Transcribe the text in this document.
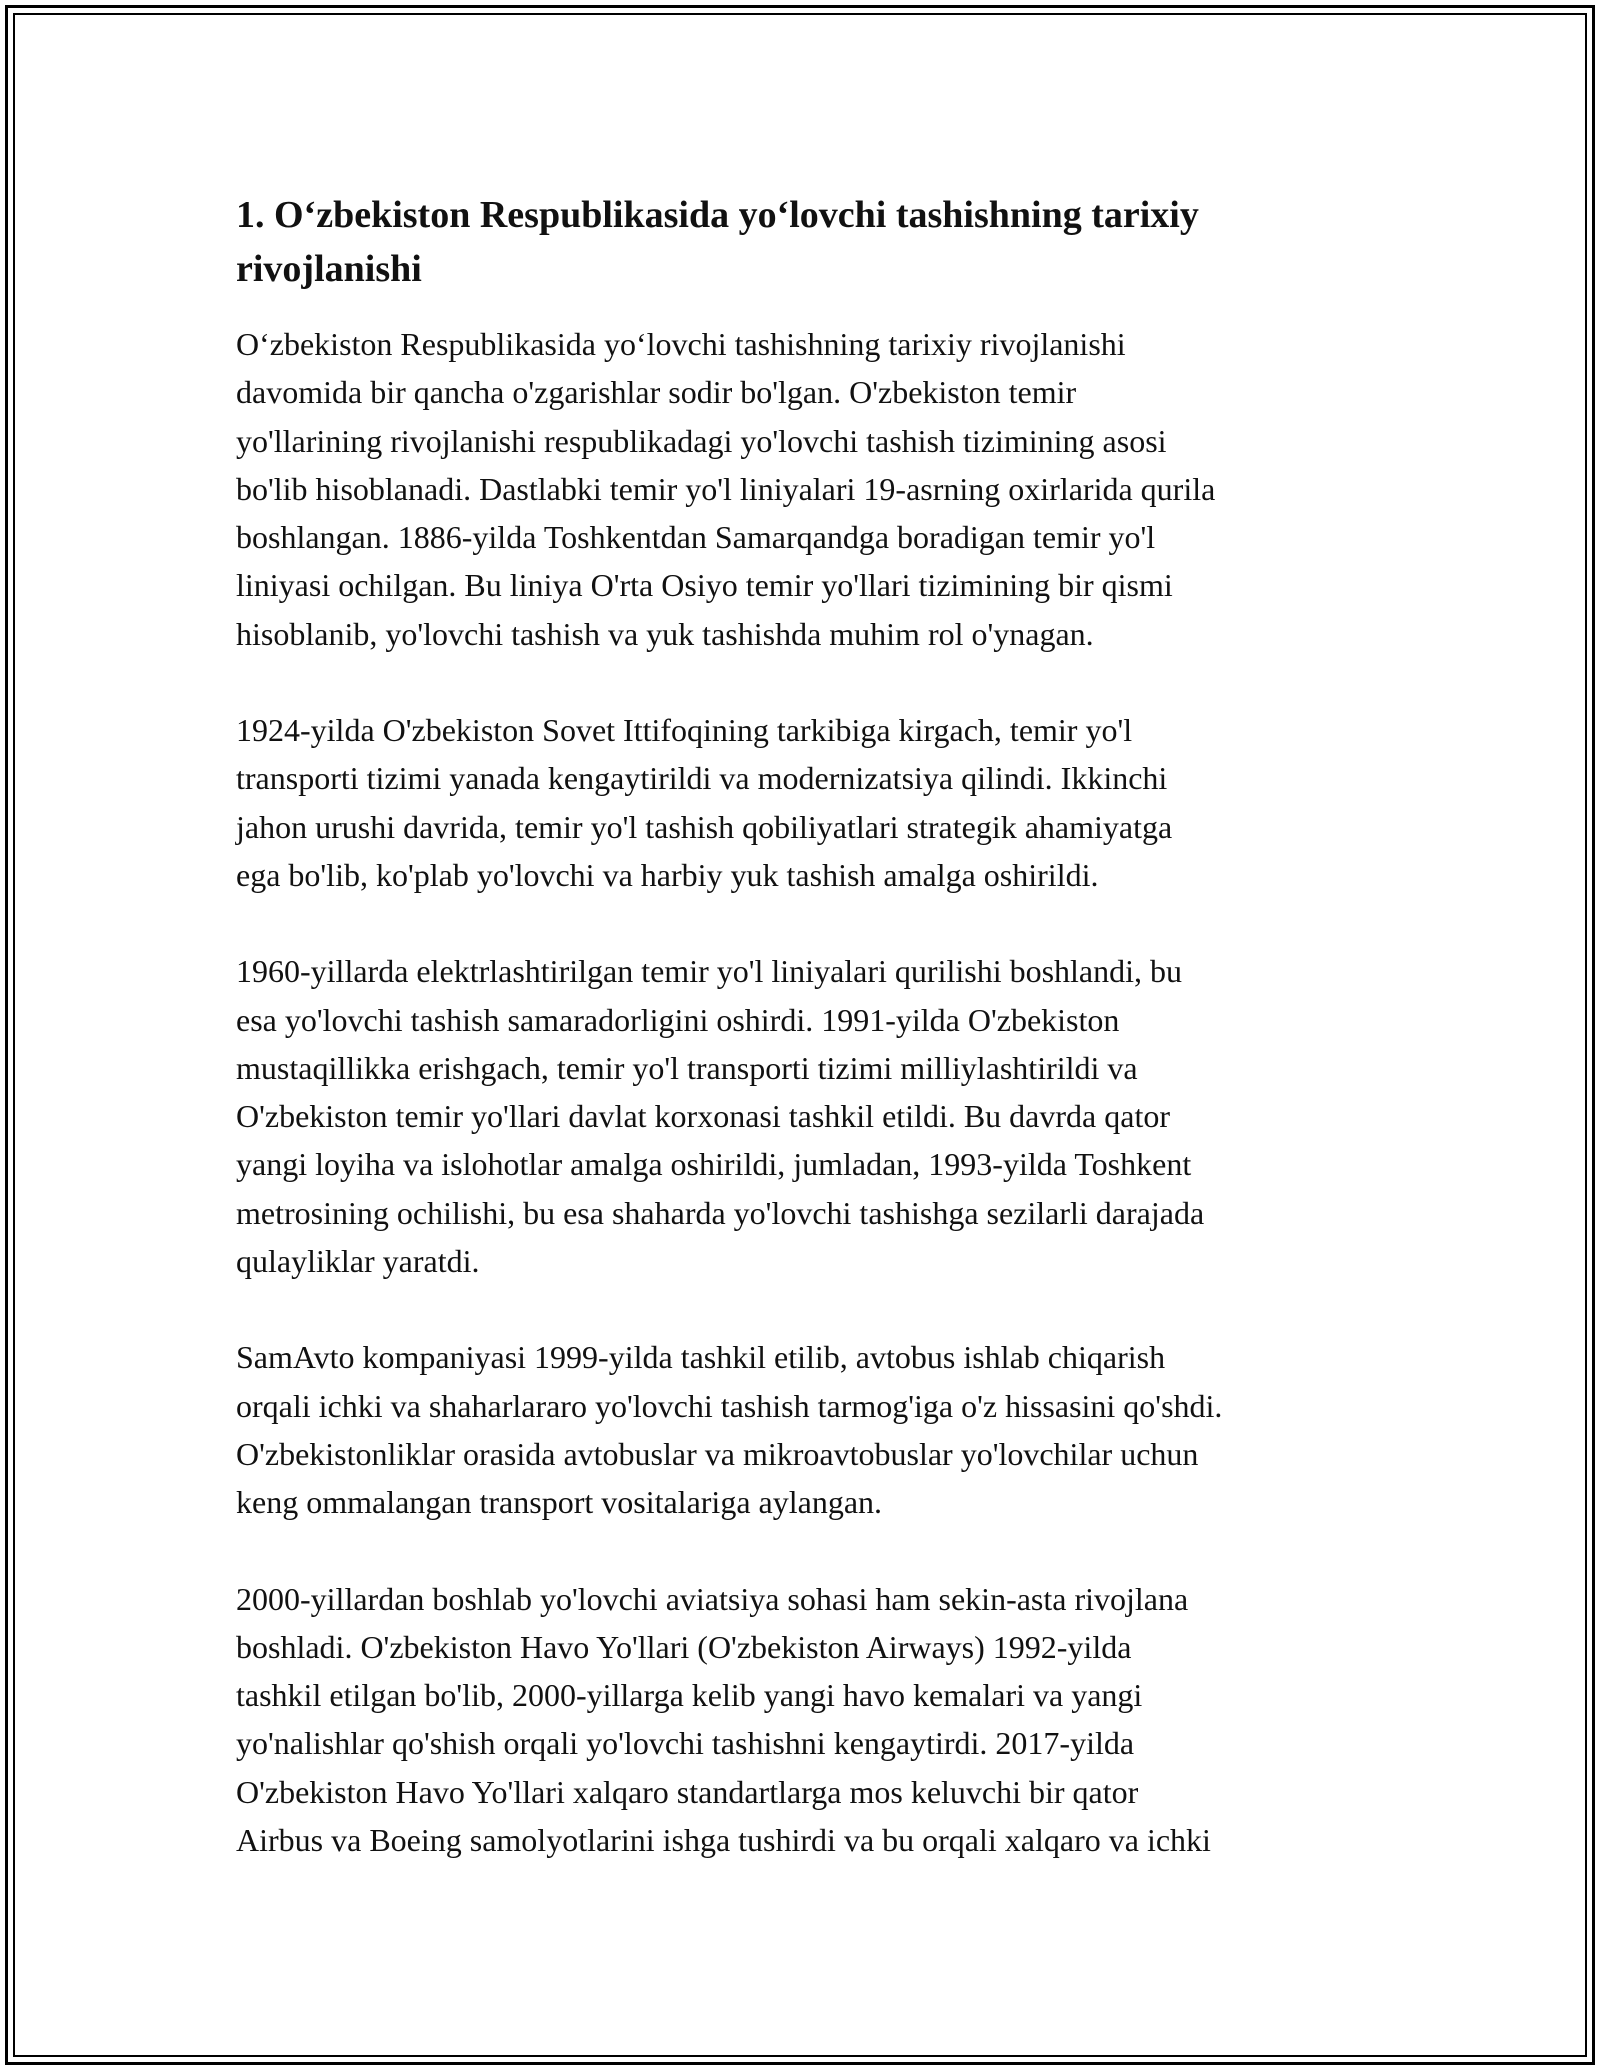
1. O‘zbekiston Respublikasida yo‘lovchi tashishning tarixiy rivojlanishi

O‘zbekiston Respublikasida yo‘lovchi tashishning tarixiy rivojlanishi
davomida bir qancha o'zgarishlar sodir bo'lgan. O'zbekiston temir
yo'llarining rivojlanishi respublikadagi yo'lovchi tashish tizimining asosi
bo'lib hisoblanadi. Dastlabki temir yo'l liniyalari 19-asrning oxirlarida qurila
boshlangan. 1886-yilda Toshkentdan Samarqandga boradigan temir yo'l
liniyasi ochilgan. Bu liniya O'rta Osiyo temir yo'llari tizimining bir qismi
hisoblanib, yo'lovchi tashish va yuk tashishda muhim rol o'ynagan.

1924-yilda O'zbekiston Sovet Ittifoqining tarkibiga kirgach, temir yo'l
transporti tizimi yanada kengaytirildi va modernizatsiya qilindi. Ikkinchi
jahon urushi davrida, temir yo'l tashish qobiliyatlari strategik ahamiyatga
ega bo'lib, ko'plab yo'lovchi va harbiy yuk tashish amalga oshirildi.

1960-yillarda elektrlashtirilgan temir yo'l liniyalari qurilishi boshlandi, bu
esa yo'lovchi tashish samaradorligini oshirdi. 1991-yilda O'zbekiston
mustaqillikka erishgach, temir yo'l transporti tizimi milliylashtirildi va
O'zbekiston temir yo'llari davlat korxonasi tashkil etildi. Bu davrda qator
yangi loyiha va islohotlar amalga oshirildi, jumladan, 1993-yilda Toshkent
metrosining ochilishi, bu esa shaharda yo'lovchi tashishga sezilarli darajada
qulayliklar yaratdi.

SamAvto kompaniyasi 1999-yilda tashkil etilib, avtobus ishlab chiqarish
orqali ichki va shaharlararo yo'lovchi tashish tarmog'iga o'z hissasini qo'shdi.
O'zbekistonliklar orasida avtobuslar va mikroavtobuslar yo'lovchilar uchun
keng ommalangan transport vositalariga aylangan.

2000-yillardan boshlab yo'lovchi aviatsiya sohasi ham sekin-asta rivojlana
boshladi. O'zbekiston Havo Yo'llari (O'zbekiston Airways) 1992-yilda
tashkil etilgan bo'lib, 2000-yillarga kelib yangi havo kemalari va yangi
yo'nalishlar qo'shish orqali yo'lovchi tashishni kengaytirdi. 2017-yilda
O'zbekiston Havo Yo'llari xalqaro standartlarga mos keluvchi bir qator
Airbus va Boeing samolyotlarini ishga tushirdi va bu orqali xalqaro va ichki
